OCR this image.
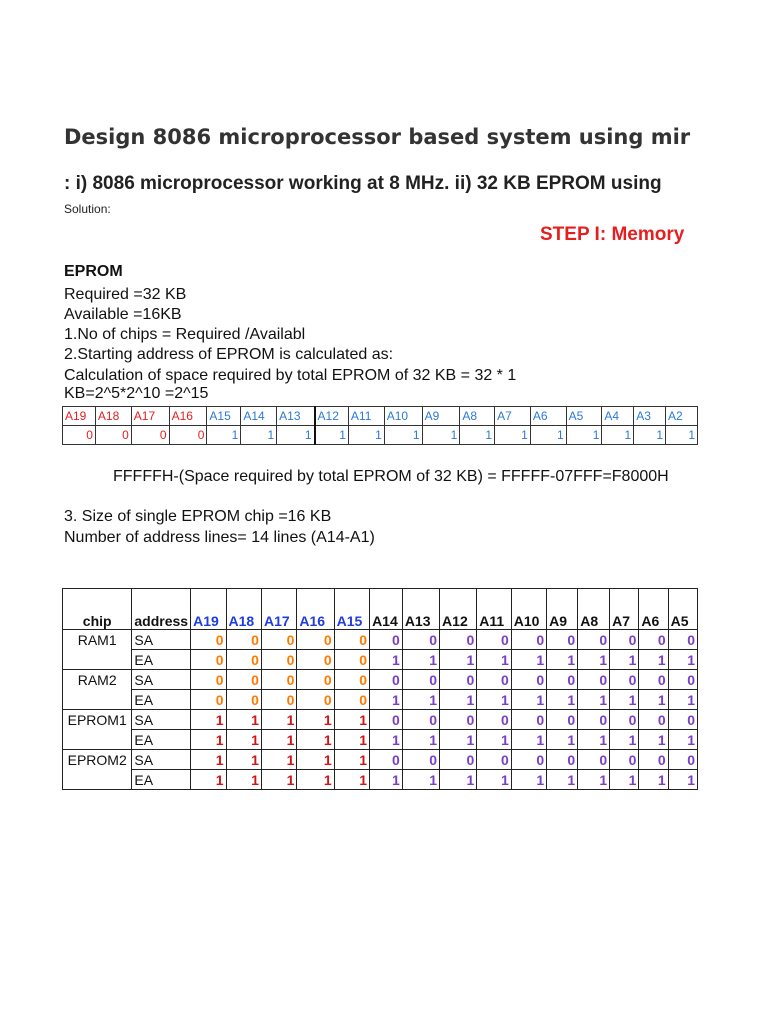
Design 8086 microprocessor based system using mir
: i) 8086 microprocessor working at 8 MHz. ii) 32 KB EPROM using
Solution:
STEP I: Memory
EPROM
Required =32 KB
Available =16KB
1.No of chips = Required /Availabl
2.Starting address of EPROM is calculated as:
Calculation of space required by total EPROM of 32 KB = 32 * 1
KB=2^5*2^10 =2^15
A19	A18	A17	A16	A15	A14	A13	A12	A11	A10	A9	A8	A7	A6	A5	A4	A3	A2
0	0	0	0	1	1	1	1	1	1	1	1	1	1	1	1	1	1
FFFFFH-(Space required by total EPROM of 32 KB) = FFFFF-07FFF=F8000H
3. Size of single EPROM chip =16 KB
Number of address lines= 14 lines (A14-A1)
chip	address	A19	A18	A17	A16	A15	A14	A13	A12	A11	A10	A9	A8	A7	A6	A5
RAM1	SA	0	0	0	0	0	0	0	0	0	0	0	0	0	0	0
	EA	0	0	0	0	0	1	1	1	1	1	1	1	1	1	1
RAM2	SA	0	0	0	0	0	0	0	0	0	0	0	0	0	0	0
	EA	0	0	0	0	0	1	1	1	1	1	1	1	1	1	1
EPROM1	SA	1	1	1	1	1	0	0	0	0	0	0	0	0	0	0
	EA	1	1	1	1	1	1	1	1	1	1	1	1	1	1	1
EPROM2	SA	1	1	1	1	1	0	0	0	0	0	0	0	0	0	0
	EA	1	1	1	1	1	1	1	1	1	1	1	1	1	1	1
